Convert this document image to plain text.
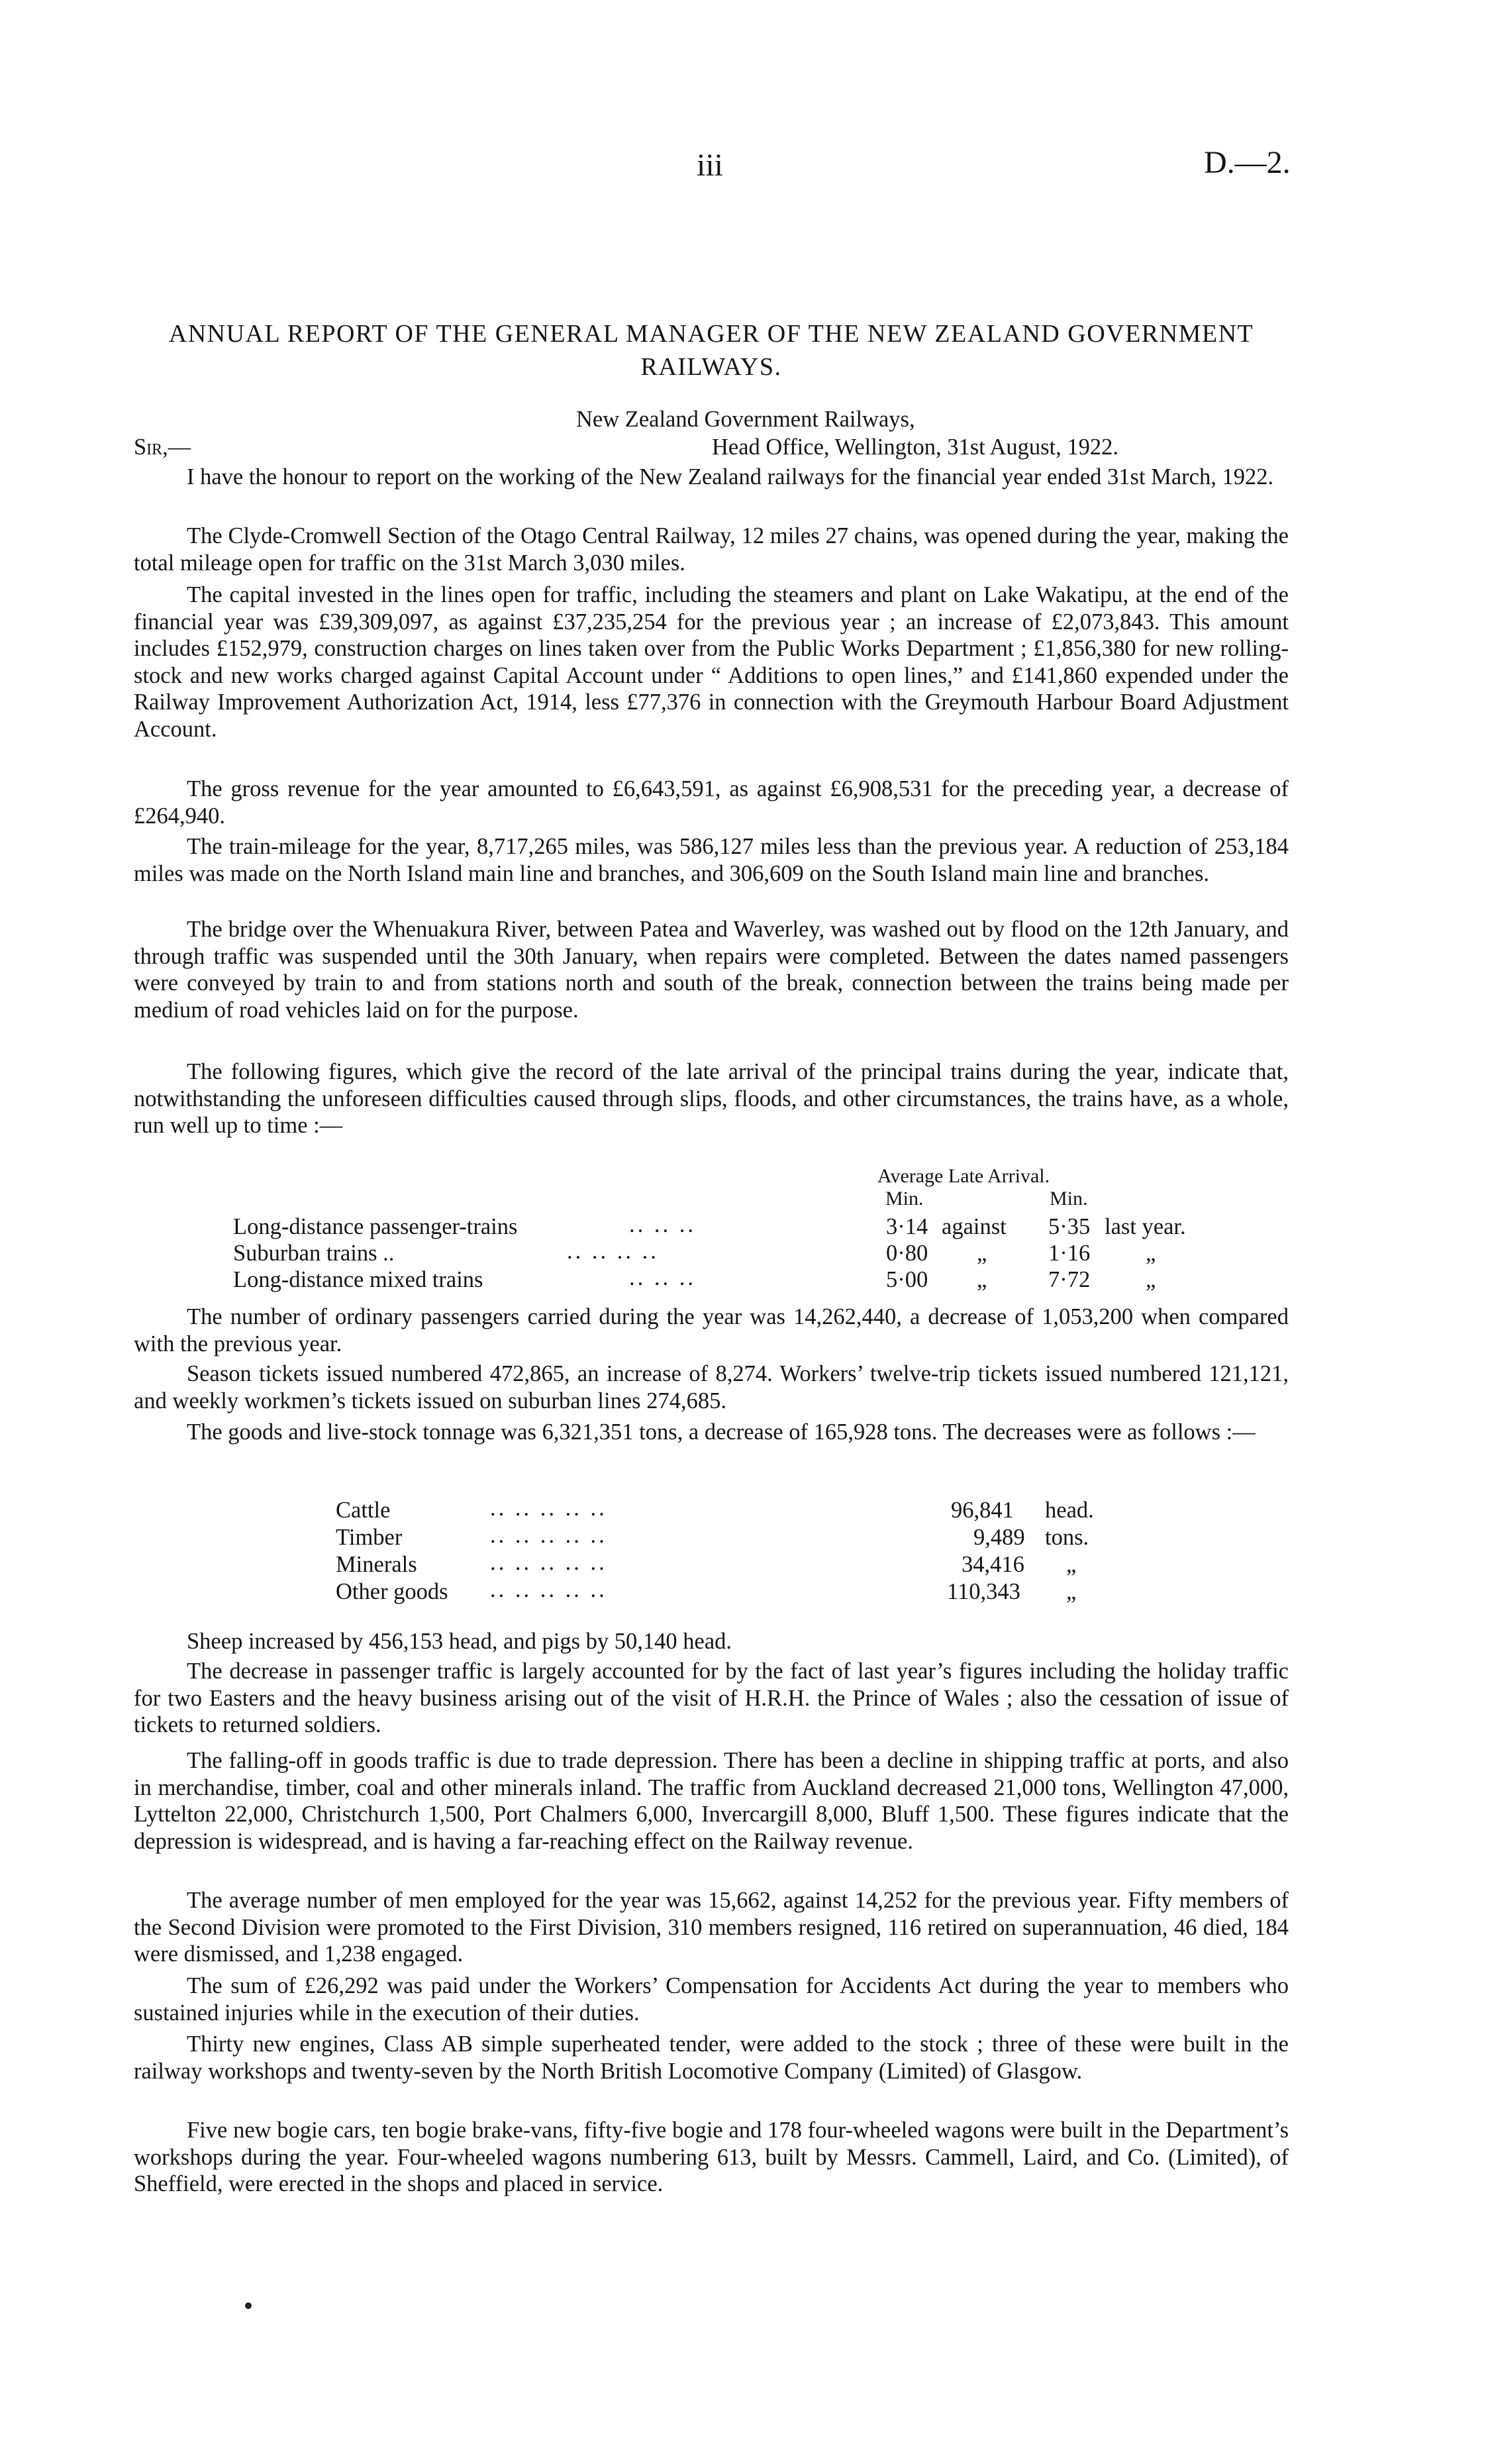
iii	D.—2.
ANNUAL REPORT OF THE GENERAL MANAGER OF THE NEW ZEALAND GOVERNMENT
RAILWAYS.
New Zealand Government Railways,
Sir,—	Head Office, Wellington, 31st August, 1922.

I have the honour to report on the working of the New Zealand railways for the financial year ended 31st March, 1922.

The Clyde-Cromwell Section of the Otago Central Railway, 12 miles 27 chains, was opened during the year, making the total mileage open for traffic on the 31st March 3,030 miles.

The capital invested in the lines open for traffic, including the steamers and plant on Lake Wakatipu, at the end of the financial year was £39,309,097, as against £37,235,254 for the previous year ; an increase of £2,073,843. This amount includes £152,979, construction charges on lines taken over from the Public Works Department ; £1,856,380 for new rolling-stock and new works charged against Capital Account under “ Additions to open lines,” and £141,860 expended under the Railway Improvement Authorization Act, 1914, less £77,376 in connection with the Greymouth Harbour Board Adjustment Account.

The gross revenue for the year amounted to £6,643,591, as against £6,908,531 for the preceding year, a decrease of £264,940.

The train-mileage for the year, 8,717,265 miles, was 586,127 miles less than the previous year. A reduction of 253,184 miles was made on the North Island main line and branches, and 306,609 on the South Island main line and branches.

The bridge over the Whenuakura River, between Patea and Waverley, was washed out by flood on the 12th January, and through traffic was suspended until the 30th January, when repairs were completed. Between the dates named passengers were conveyed by train to and from stations north and south of the break, connection between the trains being made per medium of road vehicles laid on for the purpose.

The following figures, which give the record of the late arrival of the principal trains during the year, indicate that, notwithstanding the unforeseen difficulties caused through slips, floods, and other circumstances, the trains have, as a whole, run well up to time :—

Average Late Arrival.
Min.	Min.
Long-distance passenger-trains	.. .. ..	3·14 against 5·35 last year.
Suburban trains ..	.. .. .. ..	0·80 „	1·16 „
Long-distance mixed trains	.. .. ..	5·00 „	7·72 „

The number of ordinary passengers carried during the year was 14,262,440, a decrease of 1,053,200 when compared with the previous year.

Season tickets issued numbered 472,865, an increase of 8,274. Workers’ twelve-trip tickets issued numbered 121,121, and weekly workmen’s tickets issued on suburban lines 274,685.

The goods and live-stock tonnage was 6,321,351 tons, a decrease of 165,928 tons. The decreases were as follows :—

Cattle	.. .. .. .. ..	96,841 head.
Timber	.. .. .. .. ..	9,489 tons.
Minerals	.. .. .. .. ..	34,416 „
Other goods .. .. .. .. ..	110,343 „

Sheep increased by 456,153 head, and pigs by 50,140 head.

The decrease in passenger traffic is largely accounted for by the fact of last year’s figures including the holiday traffic for two Easters and the heavy business arising out of the visit of H.R.H. the Prince of Wales ; also the cessation of issue of tickets to returned soldiers.

The falling-off in goods traffic is due to trade depression. There has been a decline in shipping traffic at ports, and also in merchandise, timber, coal and other minerals inland. The traffic from Auckland decreased 21,000 tons, Wellington 47,000, Lyttelton 22,000, Christchurch 1,500, Port Chalmers 6,000, Invercargill 8,000, Bluff 1,500. These figures indicate that the depression is widespread, and is having a far-reaching effect on the Railway revenue.

The average number of men employed for the year was 15,662, against 14,252 for the previous year. Fifty members of the Second Division were promoted to the First Division, 310 members resigned, 116 retired on superannuation, 46 died, 184 were dismissed, and 1,238 engaged.

The sum of £26,292 was paid under the Workers’ Compensation for Accidents Act during the year to members who sustained injuries while in the execution of their duties.

Thirty new engines, Class AB simple superheated tender, were added to the stock ; three of these were built in the railway workshops and twenty-seven by the North British Locomotive Company (Limited) of Glasgow.

Five new bogie cars, ten bogie brake-vans, fifty-five bogie and 178 four-wheeled wagons were built in the Department’s workshops during the year. Four-wheeled wagons numbering 613, built by Messrs. Cammell, Laird, and Co. (Limited), of Sheffield, were erected in the shops and placed in service.
